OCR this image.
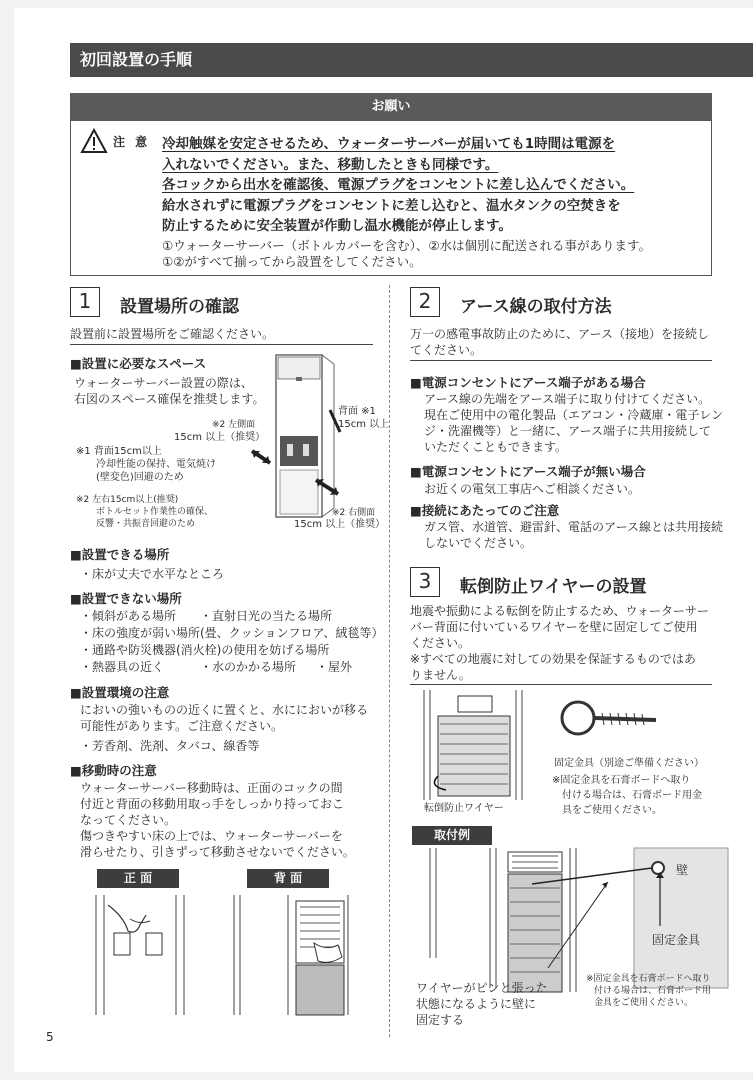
初回設置の手順
お願い
注 意 冷却触媒を安定させるため、ウォーターサーバーが届いても1時間は電源を
入れないでください。また、移動したときも同様です。
各コックから出水を確認後、電源プラグをコンセントに差し込んでください。
給水されずに電源プラグをコンセントに差し込むと、温水タンクの空焚きを
防止するために安全装置が作動し温水機能が停止します。
①ウォーターサーバー（ボトルカバーを含む）、②水は個別に配送される事があります。
①②がすべて揃ってから設置をしてください。
1	設置場所の確認
設置前に設置場所をご確認ください。
■設置に必要なスペース
ウォーターサーバー設置の際は、
右図のスペース確保を推奨します。
※1 背面15cm以上
冷却性能の保持、電気焼け
(壁変色)回避のため
※2 左右15cm以上(推奨)
ボトルセット作業性の確保、
反響・共振音回避のため
※2 左側面
15cm 以上（推奨）
背面 ※1
15cm 以上
※2 右側面
15cm 以上（推奨）
■設置できる場所
・床が丈夫で水平なところ
■設置できない場所
・傾斜がある場所 ・直射日光の当たる場所
・床の強度が弱い場所(畳、クッションフロア、絨毯等）
・通路や防災機器(消火栓)の使用を妨げる場所
・熱器具の近く	・水のかかる場所 ・屋外
■設置環境の注意
においの強いものの近くに置くと、水ににおいが移る
可能性があります。ご注意ください。
・芳香剤、洗剤、タバコ、線香等
■移動時の注意
ウォーターサーバー移動時は、正面のコックの間
付近と背面の移動用取っ手をしっかり持っておこ
なってください。
傷つきやすい床の上では、ウォーターサーバーを
滑らせたり、引きずって移動させないでください。
正 面	背 面
2	アース線の取付方法
万一の感電事故防止のために、アース（接地）を接続し
てください。
■電源コンセントにアース端子がある場合
アース線の先端をアース端子に取り付けてください。
現在ご使用中の電化製品（エアコン・冷蔵庫・電子レン
ジ・洗濯機等）と一緒に、アース端子に共用接続して
いただくこともできます。
■電源コンセントにアース端子が無い場合
お近くの電気工事店へご相談ください。
■接続にあたってのご注意
ガス管、水道管、避雷針、電話のアース線とは共用接続
しないでください。
3	転倒防止ワイヤーの設置
地震や振動による転倒を防止するため、ウォーターサー
バー背面に付いているワイヤーを壁に固定してご使用
ください。
※すべての地震に対しての効果を保証するものではあ
りません。
転倒防止ワイヤー
固定金具（別途ご準備ください）
※固定金具を石膏ボードへ取り
付ける場合は、石膏ボード用金
具をご使用ください。
取付例
壁
固定金具
※固定金具を石膏ボードへ取り
付ける場合は、石膏ボード用
金具をご使用ください。
ワイヤーがピンと張った
状態になるように壁に
固定する
5
